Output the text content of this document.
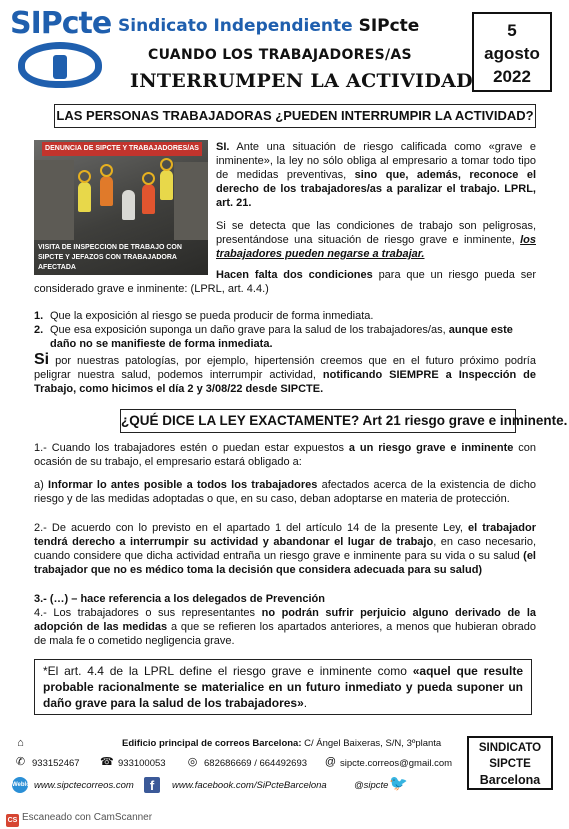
SIPcte Sindicato Independiente SIPcte
CUANDO LOS TRABAJADORES/AS
INTERRUMPEN LA ACTIVIDAD
5
agosto
2022
LAS PERSONAS TRABAJADORAS ¿PUEDEN INTERRUMPIR LA ACTIVIDAD?
DENUNCIA DE SIPCTE Y TRABAJADORES/AS
VISITA DE INSPECCION DE TRABAJO CON SIPCTE Y JEFAZOS CON TRABAJADORA AFECTADA
SI. Ante una situación de riesgo calificada como «grave e inminente», la ley no sólo obliga al empresario a tomar todo tipo de medidas preventivas, sino que, además, reconoce el derecho de los trabajadores/as a paralizar el trabajo. LPRL, art. 21.
Si se detecta que las condiciones de trabajo son peligrosas, presentándose una situación de riesgo grave e inminente, los trabajadores pueden negarse a trabajar.
Hacen falta dos condiciones para que un riesgo pueda ser considerado grave e inminente: (LPRL, art. 4.4.)
1. Que la exposición al riesgo se pueda producir de forma inmediata.
2. Que esa exposición suponga un daño grave para la salud de los trabajadores/as, aunque este daño no se manifieste de forma inmediata.
Si por nuestras patologías, por ejemplo, hipertensión creemos que en el futuro próximo podría peligrar nuestra salud, podemos interrumpir actividad, notificando SIEMPRE a Inspección de Trabajo, como hicimos el día 2 y 3/08/22 desde SIPCTE.
¿QUÉ DICE LA LEY EXACTAMENTE? Art 21 riesgo grave e inminente.
1.- Cuando los trabajadores estén o puedan estar expuestos a un riesgo grave e inminente con ocasión de su trabajo, el empresario estará obligado a:
a) Informar lo antes posible a todos los trabajadores afectados acerca de la existencia de dicho riesgo y de las medidas adoptadas o que, en su caso, deban adoptarse en materia de protección.
2.- De acuerdo con lo previsto en el apartado 1 del artículo 14 de la presente Ley, el trabajador tendrá derecho a interrumpir su actividad y abandonar el lugar de trabajo, en caso necesario, cuando considere que dicha actividad entraña un riesgo grave e inminente para su vida o su salud (el trabajador que no es médico toma la decisión que considera adecuada para su salud)
3.- (…) – hace referencia a los delegados de Prevención
4.- Los trabajadores o sus representantes no podrán sufrir perjuicio alguno derivado de la adopción de las medidas a que se refieren los apartados anteriores, a menos que hubieran obrado de mala fe o cometido negligencia grave.
*El art. 4.4 de la LPRL define el riesgo grave e inminente como «aquel que resulte probable racionalmente se materialice en un futuro inmediato y pueda suponer un daño grave para la salud de los trabajadores».
⌂	Edificio principal de correos Barcelona: C/ Ángel Baixeras, S/N, 3ºplanta
✆ 933152467 ☎ 933100053 ◎ 682686669 / 664492693 @ sipcte.correos@gmail.com
Weblog www.sipctecorreos.com	f	www.facebook.com/SiPcteBarcelona	@sipcte 🐦
SINDICATO
SIPCTE
Barcelona
CS Escaneado con CamScanner
